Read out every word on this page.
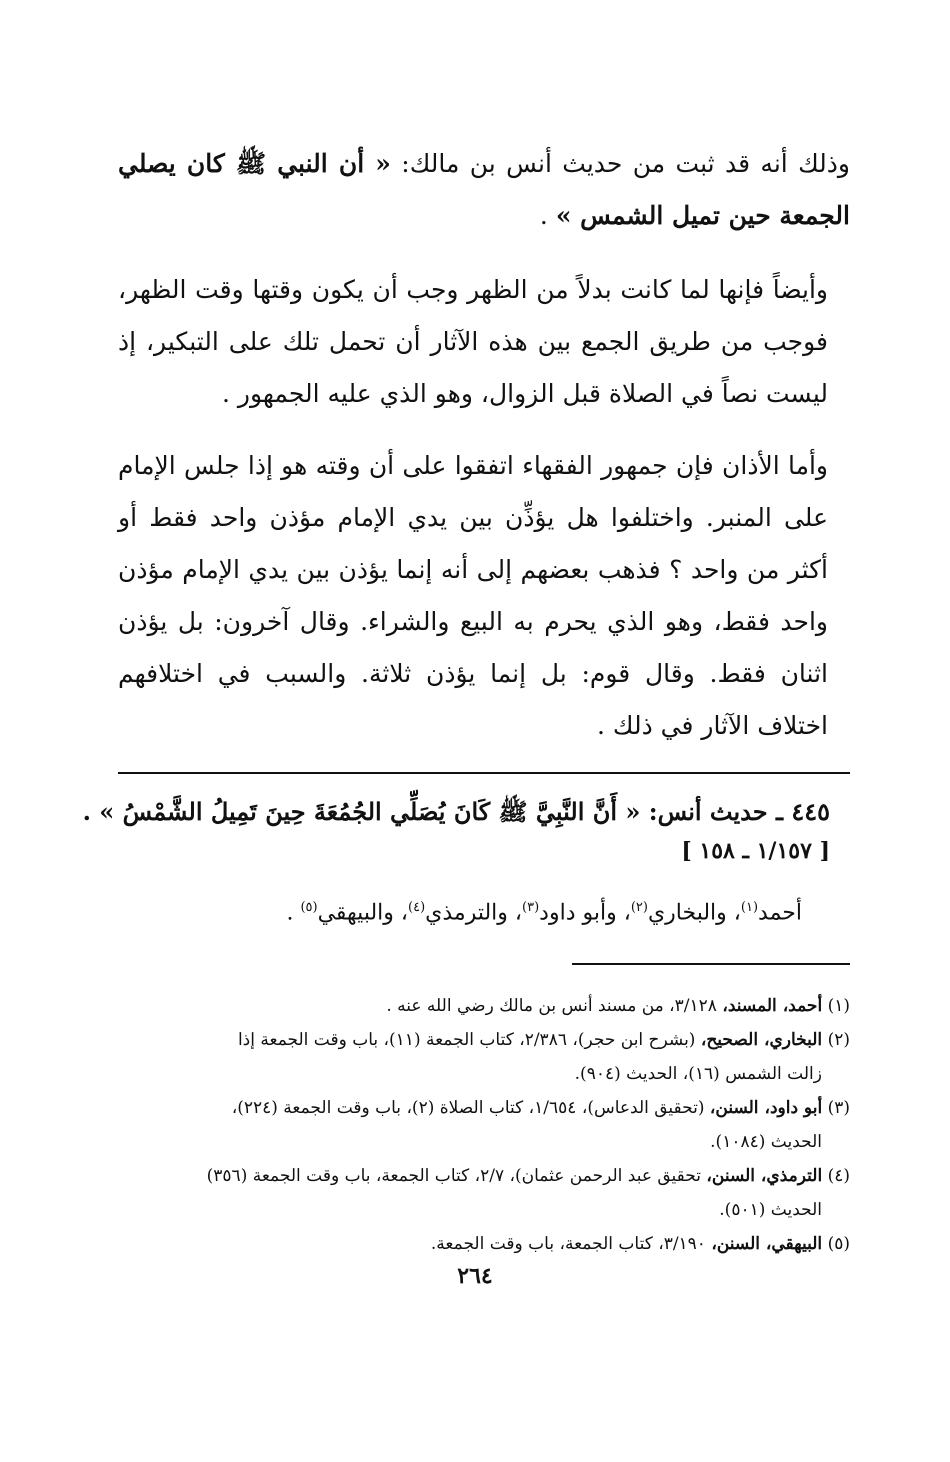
وذلك أنه قد ثبت من حديث أنس بن مالك: « أن النبي ﷺ كان يصلي الجمعة حين تميل الشمس » .

وأيضاً فإنها لما كانت بدلاً من الظهر وجب أن يكون وقتها وقت الظهر، فوجب من طريق الجمع بين هذه الآثار أن تحمل تلك على التبكير، إذ ليست نصاً في الصلاة قبل الزوال، وهو الذي عليه الجمهور .

وأما الأذان فإن جمهور الفقهاء اتفقوا على أن وقته هو إذا جلس الإمام على المنبر. واختلفوا هل يؤذِّن بين يدي الإمام مؤذن واحد فقط أو أكثر من واحد ؟ فذهب بعضهم إلى أنه إنما يؤذن بين يدي الإمام مؤذن واحد فقط، وهو الذي يحرم به البيع والشراء. وقال آخرون: بل يؤذن اثنان فقط. وقال قوم: بل إنما يؤذن ثلاثة. والسبب في اختلافهم اختلاف الآثار في ذلك .

٤٤٥ ـ حديث أنس: « أَنَّ النَّبِيَّ ﷺ كَانَ يُصَلِّي الجُمُعَةَ حِينَ تَمِيلُ الشَّمْسُ » .
[ ١/١٥٧ ـ ١٥٨ ]
أحمد$^{(١)}$، والبخاري$^{(٢)}$، وأبو داود$^{(٣)}$، والترمذي$^{(٤)}$، والبيهقي$^{(٥)}$ .

(١) أحمد، المسند، ٣/١٢٨، من مسند أنس بن مالك رضي الله عنه .

(٢) البخاري، الصحيح، (بشرح ابن حجر)، ٢/٣٨٦، كتاب الجمعة (١١)، باب وقت الجمعة إذا

زالت الشمس (١٦)، الحديث (٩٠٤).

(٣) أبو داود، السنن، (تحقيق الدعاس)، ١/٦٥٤، كتاب الصلاة (٢)، باب وقت الجمعة (٢٢٤)،

الحديث (١٠٨٤).

(٤) الترمذي، السنن، تحقيق عبد الرحمن عثمان)، ٢/٧، كتاب الجمعة، باب وقت الجمعة (٣٥٦)

الحديث (٥٠١).

(٥) البيهقي، السنن، ٣/١٩٠، كتاب الجمعة، باب وقت الجمعة.

٢٦٤
